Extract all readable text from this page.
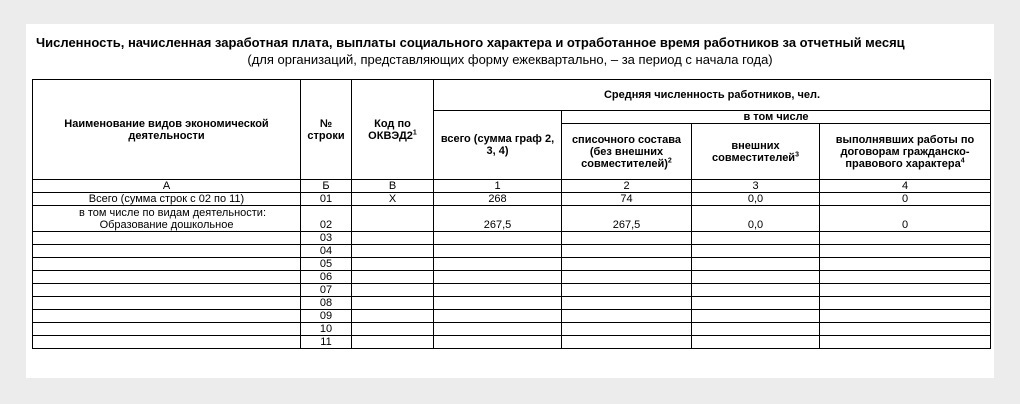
Численность, начисленная заработная плата, выплаты социального характера и отработанное время работников за отчетный месяц
(для организаций, представляющих форму ежеквартально, – за период с начала года)
Наименование видов экономической деятельности	№ строки	Код по $ОКВЭД2^1$	Средняя численность работников, чел.			
			всего (сумма граф 2, 3, 4)	в том числе		
				списочного состава (без внешних совместителей)$^2$	внешних совместителей$^3$	выполнявших работы по договорам гражданско-правового характера$^4$
А	Б	В	1	2	3	4

Всего (сумма строк с 02 по 11)	01	Х	268	74	0,0	0

в том числе по видам деятельности:
Образование дошкольное	02		267,5	267,5	0,0	0

	03					

	04					

	05					

	06					

	07					

	08					

	09					

	10					

	11					
